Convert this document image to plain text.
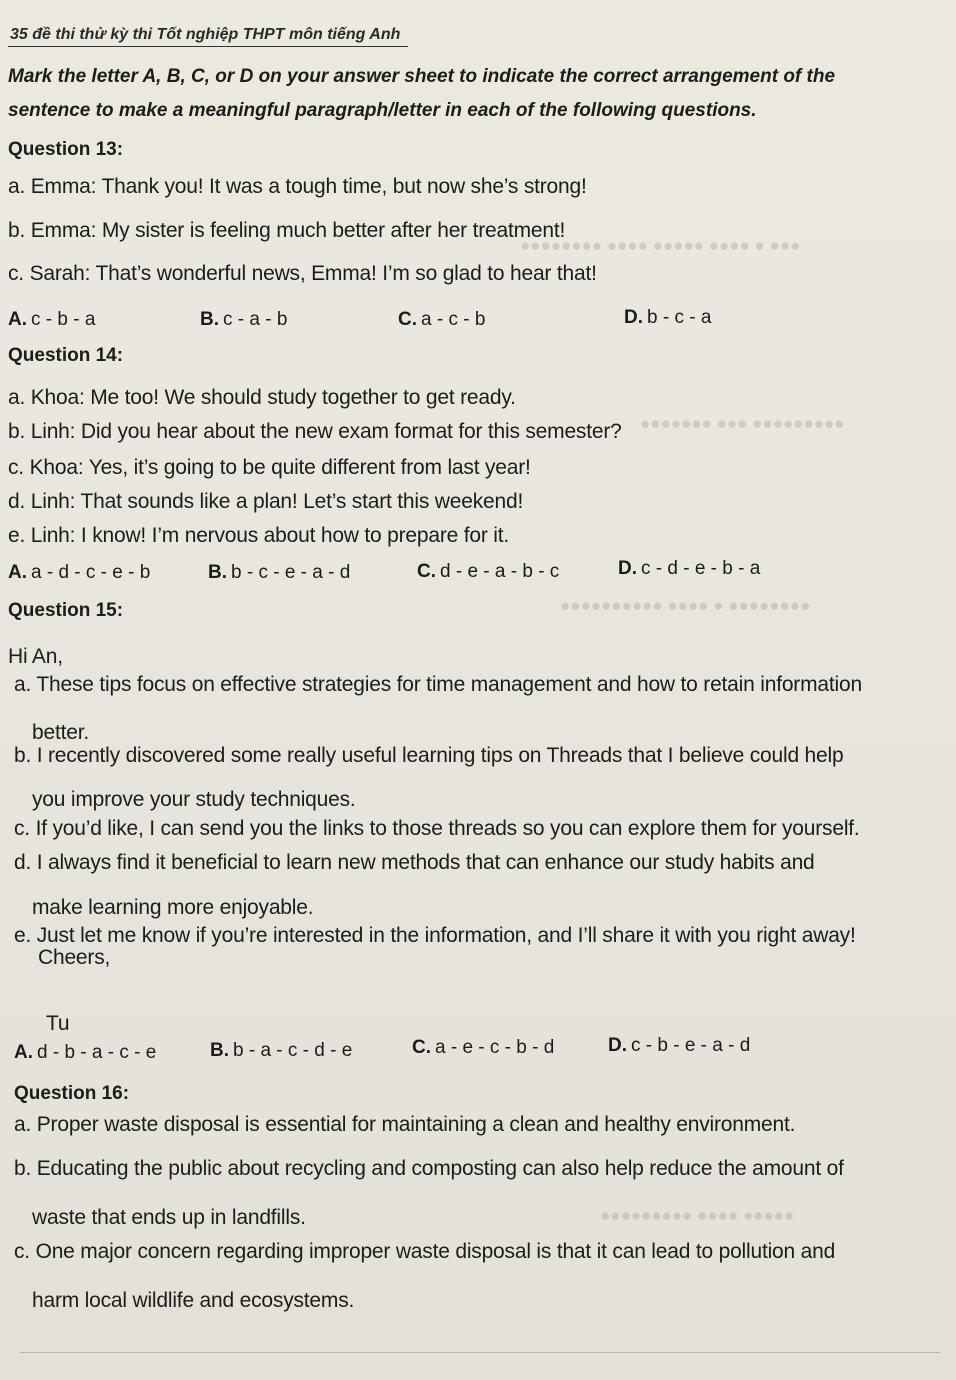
●●● ● ●●●● ●●●●● ●●●● ●●●●●●●●
●●●●●●●●● ●●● ●●●●●●●
●●●●●●●● ● ●●●● ●●●●●●●●●●
●●●●● ●●●● ●●●●●●●●●
35 đề thi thử kỳ thi Tốt nghiệp THPT môn tiếng Anh
Mark the letter A, B, C, or D on your answer sheet to indicate the correct arrangement of the sentence to make a meaningful paragraph/letter in each of the following questions.
Question 13:
a. Emma: Thank you! It was a tough time, but now she’s strong!
b. Emma: My sister is feeling much better after her treatment!
c. Sarah: That’s wonderful news, Emma! I’m so glad to hear that!
A. c - b - a	B. c - a - b	C. a - c - b	D. b - c - a
Question 14:
a. Khoa: Me too! We should study together to get ready.
b. Linh: Did you hear about the new exam format for this semester?
c. Khoa: Yes, it’s going to be quite different from last year!
d. Linh: That sounds like a plan! Let’s start this weekend!
e. Linh: I know! I’m nervous about how to prepare for it.
A. a - d - c - e - b	B. b - c - e - a - d	C. d - e - a - b - c	D. c - d - e - b - a
Question 15:
Hi An,
a. These tips focus on effective strategies for time management and how to retain information
better.
b. I recently discovered some really useful learning tips on Threads that I believe could help
you improve your study techniques.
c. If you’d like, I can send you the links to those threads so you can explore them for yourself.
d. I always find it beneficial to learn new methods that can enhance our study habits and
make learning more enjoyable.
e. Just let me know if you’re interested in the information, and I’ll share it with you right away!
Cheers,
Tu
A. d - b - a - c - e	B. b - a - c - d - e	C. a - e - c - b - d	D. c - b - e - a - d
Question 16:
a. Proper waste disposal is essential for maintaining a clean and healthy environment.
b. Educating the public about recycling and composting can also help reduce the amount of
waste that ends up in landfills.
c. One major concern regarding improper waste disposal is that it can lead to pollution and
harm local wildlife and ecosystems.
